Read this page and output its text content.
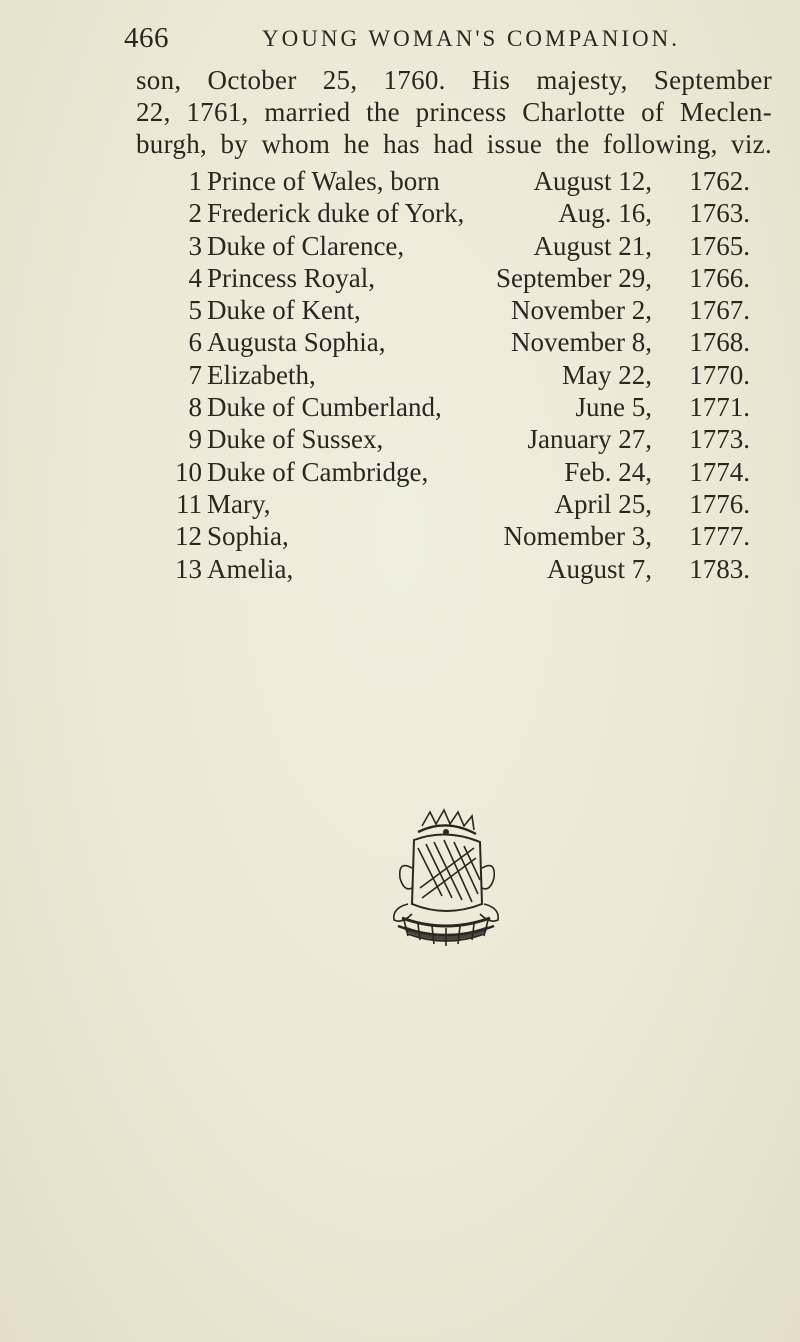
466	YOUNG WOMAN'S COMPANION.
son, October 25, 1760. His majesty, September
22, 1761, married the princess Charlotte of Meclen-
burgh, by whom he has had issue the following, viz.
1 Prince of Wales, born	August 12, 1762.
2 Frederick duke of York,	Aug. 16, 1763.
3 Duke of Clarence,	August 21, 1765.
4 Princess Royal,	September 29, 1766.
5 Duke of Kent,	November 2, 1767.
6 Augusta Sophia,	November 8, 1768.
7 Elizabeth,	May 22, 1770.
8 Duke of Cumberland,	June 5, 1771.
9 Duke of Sussex,	January 27, 1773.
10 Duke of Cambridge,	Feb. 24, 1774.
11 Mary,	April 25, 1776.
12 Sophia,	Nomember 3, 1777.
13 Amelia,	August 7, 1783.
